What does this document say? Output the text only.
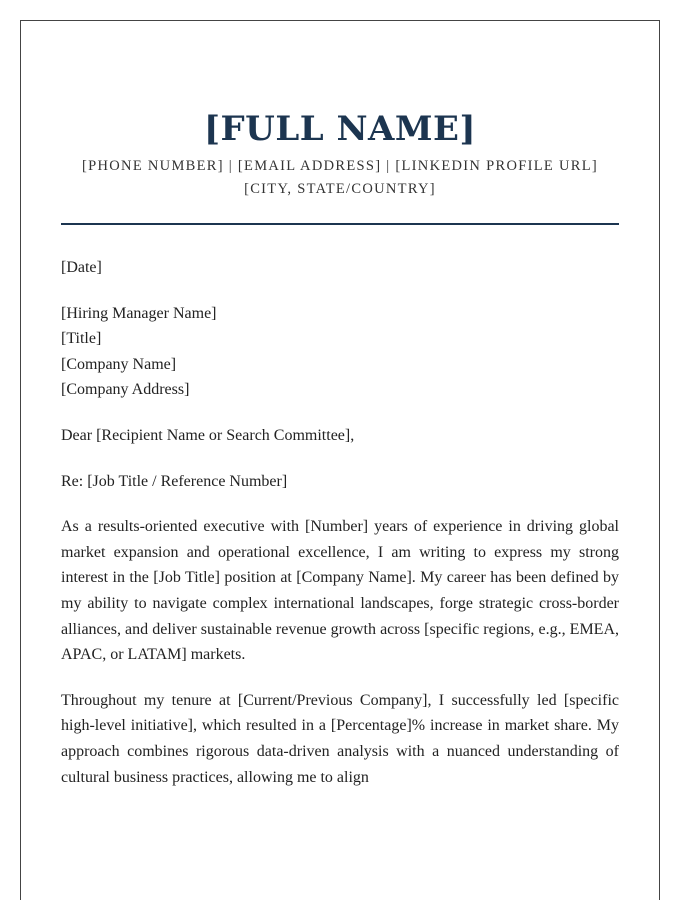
[FULL NAME]
[PHONE NUMBER] | [EMAIL ADDRESS] | [LINKEDIN PROFILE URL]
[CITY, STATE/COUNTRY]
[Date]
[Hiring Manager Name]
[Title]
[Company Name]
[Company Address]
Dear [Recipient Name or Search Committee],
Re: [Job Title / Reference Number]

As a results-oriented executive with [Number] years of experience in driving global market expansion and operational excellence, I am writing to express my strong interest in the [Job Title] position at [Company Name]. My career has been defined by my ability to navigate complex international landscapes, forge strategic cross-border alliances, and deliver sustainable revenue growth across [specific regions, e.g., EMEA, APAC, or LATAM] markets.

Throughout my tenure at [Current/Previous Company], I successfully led [specific high-level initiative], which resulted in a [Percentage]% increase in market share. My approach combines rigorous data-driven analysis with a nuanced understanding of cultural business practices, allowing me to align
